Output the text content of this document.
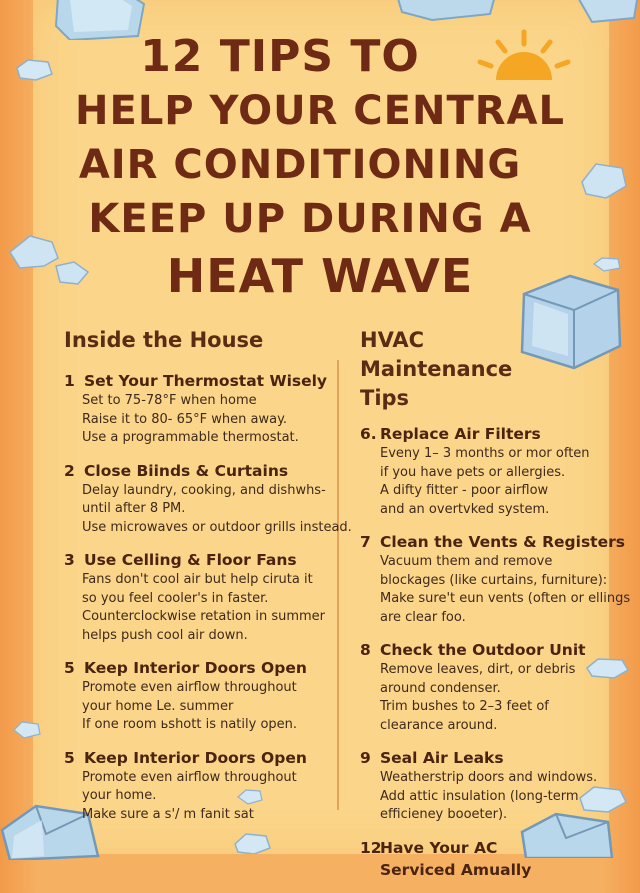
12 TIPS TO
HELP YOUR CENTRAL
AIR CONDITIONING
KEEP UP DURING A
HEAT WAVE
Inside the House
1 Set Your Thermostat Wisely
Set to 75-78°F when home
Raise it to 80- 65°F when away.
Use a programmable thermostat.
2 Close Biinds & Curtains
Delay laundry, cooking, and dishwhs-
until after 8 PM.
Use microwaves or outdoor grills instead.
3 Use Celling & Floor Fans
Fans don't cool air but help ciruta it
so you feel cooler's in faster.
Counterclockwise retation in summer
helps push cool air down.
5 Keep Interior Doors Open
Promote even airflow throughout
your home Le. summer
If one room ьshott is natily open.
5 Keep Interior Doors Open
Promote even airflow throughout
your home.
Make sure a s'/ m fanit sat
HVAC
Maintenance
Tips
6. Replace Air Filters
Eveny 1– 3 months or mor often
if you have pets or allergies.
A difty fitter - poor airflow
and an overtvked system.
7 Clean the Vents & Registers
Vacuum them and remove
blockages (like curtains, furniture):
Make sure't eun vents (often or ellings
are clear foo.
8 Check the Outdoor Unit
Remove leaves, dirt, or debris
around condenser.
Trim bushes to 2–3 feet of
clearance around.
9 Seal Air Leaks
Weatherstrip doors and windows.
Add attic insulation (long-term
efficieney booeter).
12Have Your AC
Serviced Amually
